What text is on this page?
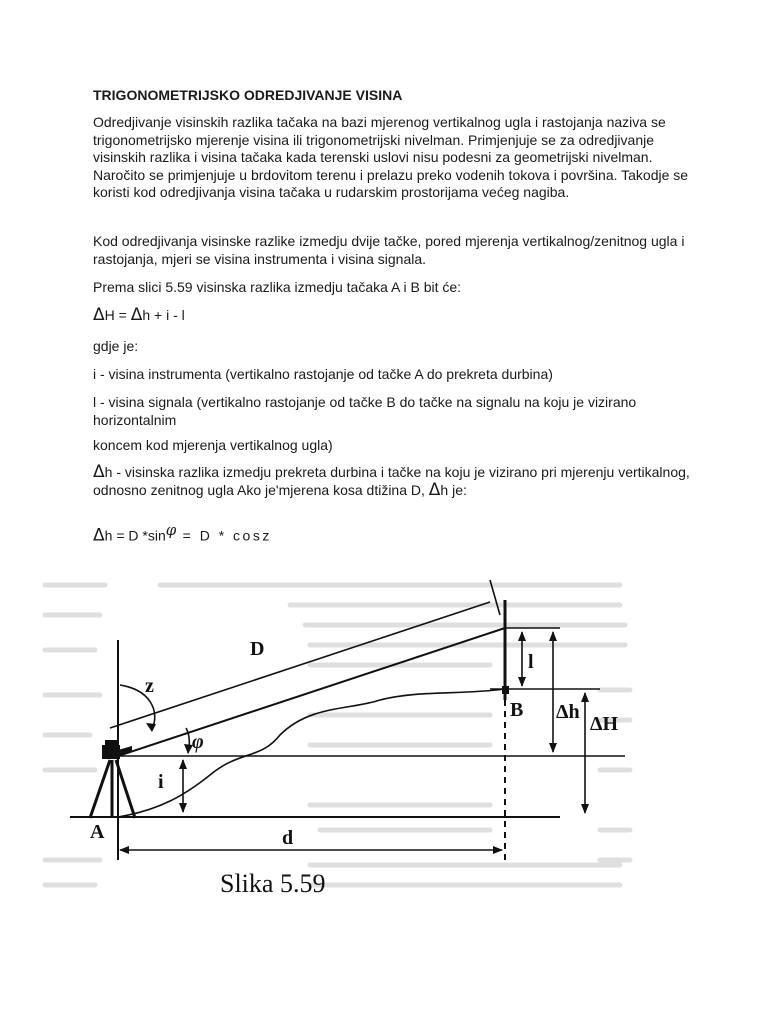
TRIGONOMETRIJSKO ODREDJIVANJE VISINA
Odredjivanje visinskih razlika tačaka na bazi mjerenog vertikalnog ugla i rastojanja naziva se trigonometrijsko mjerenje visina ili trigonometrijski nivelman. Primjenjuje se za odredjivanje visinskih razlika i visina tačaka kada terenski uslovi nisu podesni za geometrijski nivelman. Naročito se primjenjuje u brdovitom terenu i prelazu preko vodenih tokova i površina. Takodje se koristi kod odredjivanja visina tačaka u rudarskim prostorijama većeg nagiba.
Kod odredjivanja visinske razlike izmedju dvije tačke, pored mjerenja vertikalnog/zenitnog ugla i rastojanja, mjeri se visina instrumenta i visina signala.
Prema slici 5.59 visinska razlika izmedju tačaka A i B bit će:
ΔH = Δh + i - l
gdje je:
i - visina instrumenta (vertikalno rastojanje od tačke A do prekreta durbina)
l - visina signala (vertikalno rastojanje od tačke B do tačke na signalu na koju je vizirano horizontalnim
koncem kod mjerenja vertikalnog ugla)
Δh - visinska razlika izmedju prekreta durbina i tačke na koju je vizirano pri mjerenju vertikalnog, odnosno zenitnog ugla Ako je'mjerena kosa dtižina D, Δh je:
Δh = D $*\sin^\varphi = D * \cos z$
D
z
φ
i
l
A
B
d
Δh
ΔH
Slika 5.59
